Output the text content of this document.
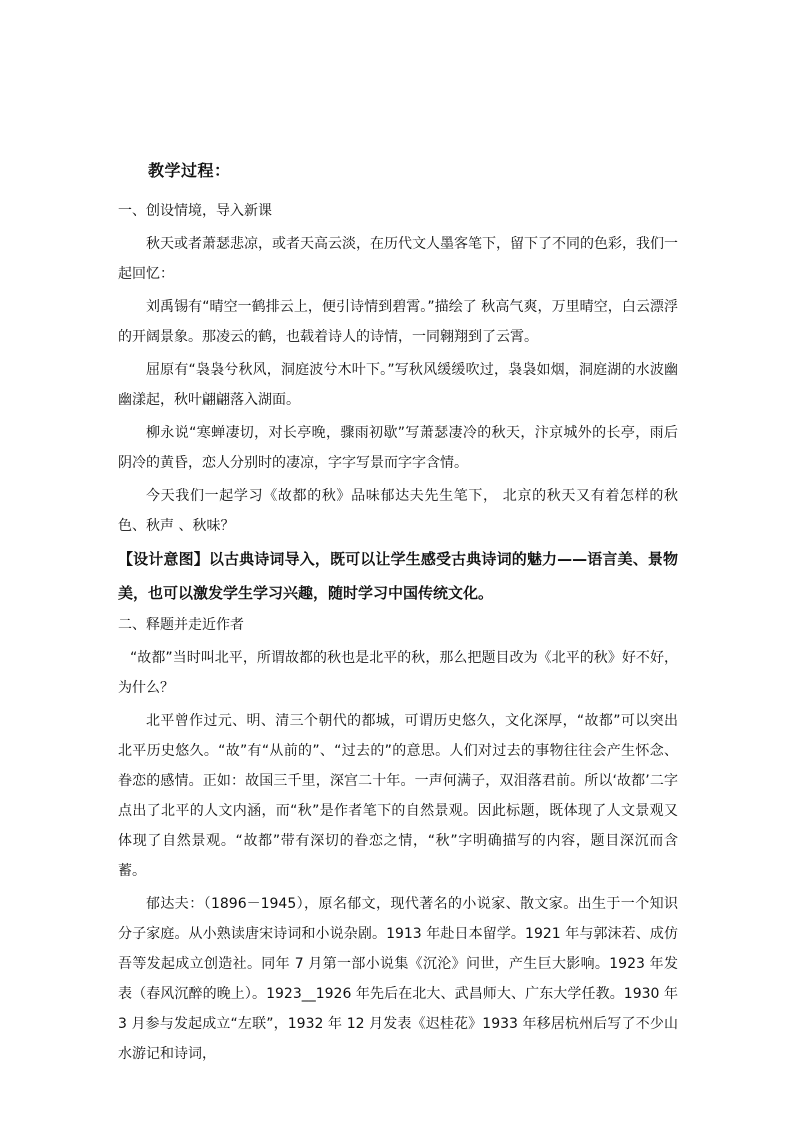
教学过程：

一、创设情境，导入新课

秋天或者萧瑟悲凉，或者天高云淡，在历代文人墨客笔下，留下了不同的色彩，我们一起回忆：

刘禹锡有“晴空一鹤排云上，便引诗情到碧霄。”描绘了 秋高气爽，万里晴空，白云漂浮的开阔景象。那凌云的鹤，也载着诗人的诗情，一同翱翔到了云霄。

屈原有“袅袅兮秋风，洞庭波兮木叶下。”写秋风缓缓吹过，袅袅如烟，洞庭湖的水波幽幽漾起，秋叶翩翩落入湖面。

柳永说“寒蝉凄切，对长亭晚，骤雨初歇”写萧瑟凄冷的秋天，汴京城外的长亭，雨后阴冷的黄昏，恋人分别时的凄凉，字字写景而字字含情。

今天我们一起学习《故都的秋》品味郁达夫先生笔下， 北京的秋天又有着怎样的秋色、秋声 、秋味？

【设计意图】以古典诗词导入，既可以让学生感受古典诗词的魅力——语言美、景物美，也可以激发学生学习兴趣，随时学习中国传统文化。

二、释题并走近作者

“故都”当时叫北平，所谓故都的秋也是北平的秋，那么把题目改为《北平的秋》好不好，为什么？

北平曾作过元、明、清三个朝代的都城，可谓历史悠久，文化深厚，“故都”可以突出北平历史悠久。“故”有“从前的”、“过去的”的意思。人们对过去的事物往往会产生怀念、眷恋的感情。正如：故国三千里，深宫二十年。一声何满子，双泪落君前。所以‘故都’二字点出了北平的人文内涵，而“秋”是作者笔下的自然景观。因此标题，既体现了人文景观又体现了自然景观。“故都”带有深切的眷恋之情，“秋”字明确描写的内容，题目深沉而含蓄。

郁达夫：（1896－1945），原名郁文，现代著名的小说家、散文家。出生于一个知识分子家庭。从小熟读唐宋诗词和小说杂剧。1913 年赴日本留学。1921 年与郭沫若、成仿吾等发起成立创造社。同年 7 月第一部小说集《沉沦》问世，产生巨大影响。1923 年发表（春风沉醉的晚上）。1923__1926 年先后在北大、武昌师大、广东大学任教。1930 年 3 月参与发起成立“左联”，1932 年 12 月发表《迟桂花》1933 年移居杭州后写了不少山水游记和诗词，
